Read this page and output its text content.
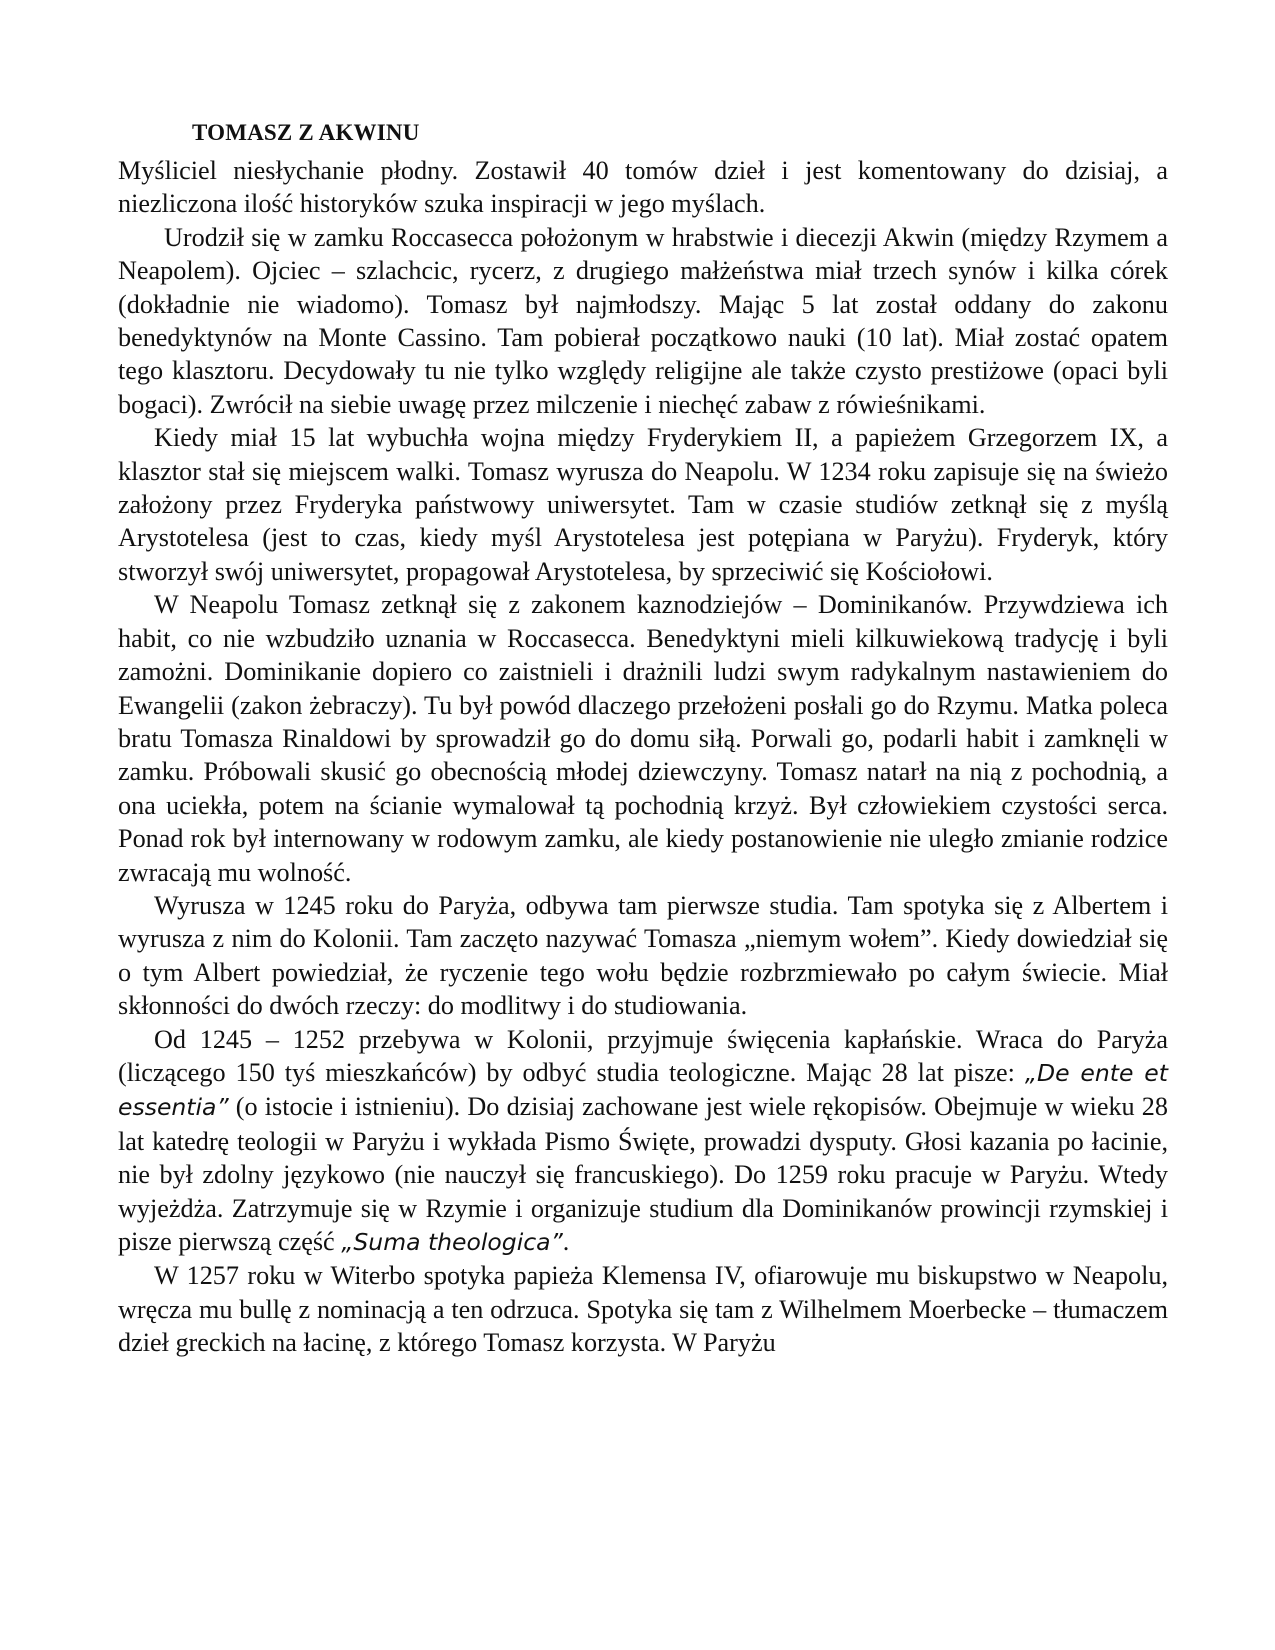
TOMASZ Z AKWINU

Myśliciel niesłychanie płodny. Zostawił 40 tomów dzieł i jest komentowany do dzisiaj, a niezliczona ilość historyków szuka inspiracji w jego myślach.

Urodził się w zamku Roccasecca położonym w hrabstwie i diecezji Akwin (między Rzymem a Neapolem). Ojciec – szlachcic, rycerz, z drugiego małżeństwa miał trzech synów i kilka córek (dokładnie nie wiadomo). Tomasz był najmłodszy. Mając 5 lat został oddany do zakonu benedyktynów na Monte Cassino. Tam pobierał początkowo nauki (10 lat). Miał zostać opatem tego klasztoru. Decydowały tu nie tylko względy religijne ale także czysto prestiżowe (opaci byli bogaci). Zwrócił na siebie uwagę przez milczenie i niechęć zabaw z rówieśnikami.

Kiedy miał 15 lat wybuchła wojna między Fryderykiem II, a papieżem Grzegorzem IX, a klasztor stał się miejscem walki. Tomasz wyrusza do Neapolu. W 1234 roku zapisuje się na świeżo założony przez Fryderyka państwowy uniwersytet. Tam w czasie studiów zetknął się z myślą Arystotelesa (jest to czas, kiedy myśl Arystotelesa jest potępiana w Paryżu). Fryderyk, który stworzył swój uniwersytet, propagował Arystotelesa, by sprzeciwić się Kościołowi.

W Neapolu Tomasz zetknął się z zakonem kaznodziejów – Dominikanów. Przywdziewa ich habit, co nie wzbudziło uznania w Roccasecca. Benedyktyni mieli kilkuwiekową tradycję i byli zamożni. Dominikanie dopiero co zaistnieli i drażnili ludzi swym radykalnym nastawieniem do Ewangelii (zakon żebraczy). Tu był powód dlaczego przełożeni posłali go do Rzymu. Matka poleca bratu Tomasza Rinaldowi by sprowadził go do domu siłą. Porwali go, podarli habit i zamknęli w zamku. Próbowali skusić go obecnością młodej dziewczyny. Tomasz natarł na nią z pochodnią, a ona uciekła, potem na ścianie wymalował tą pochodnią krzyż. Był człowiekiem czystości serca. Ponad rok był internowany w rodowym zamku, ale kiedy postanowienie nie uległo zmianie rodzice zwracają mu wolność.

Wyrusza w 1245 roku do Paryża, odbywa tam pierwsze studia. Tam spotyka się z Albertem i wyrusza z nim do Kolonii. Tam zaczęto nazywać Tomasza „niemym wołem”. Kiedy dowiedział się o tym Albert powiedział, że ryczenie tego wołu będzie rozbrzmiewało po całym świecie. Miał skłonności do dwóch rzeczy: do modlitwy i do studiowania.

Od 1245 – 1252 przebywa w Kolonii, przyjmuje święcenia kapłańskie. Wraca do Paryża (liczącego 150 tyś mieszkańców) by odbyć studia teologiczne. Mając 28 lat pisze: „De ente et essentia” (o istocie i istnieniu). Do dzisiaj zachowane jest wiele rękopisów. Obejmuje w wieku 28 lat katedrę teologii w Paryżu i wykłada Pismo Święte, prowadzi dysputy. Głosi kazania po łacinie, nie był zdolny językowo (nie nauczył się francuskiego). Do 1259 roku pracuje w Paryżu. Wtedy wyjeżdża. Zatrzymuje się w Rzymie i organizuje studium dla Dominikanów prowincji rzymskiej i pisze pierwszą część „Suma theologica”.

W 1257 roku w Witerbo spotyka papieża Klemensa IV, ofiarowuje mu biskupstwo w Neapolu, wręcza mu bullę z nominacją a ten odrzuca. Spotyka się tam z Wilhelmem Moerbecke – tłumaczem dzieł greckich na łacinę, z którego Tomasz korzysta. W Paryżu
